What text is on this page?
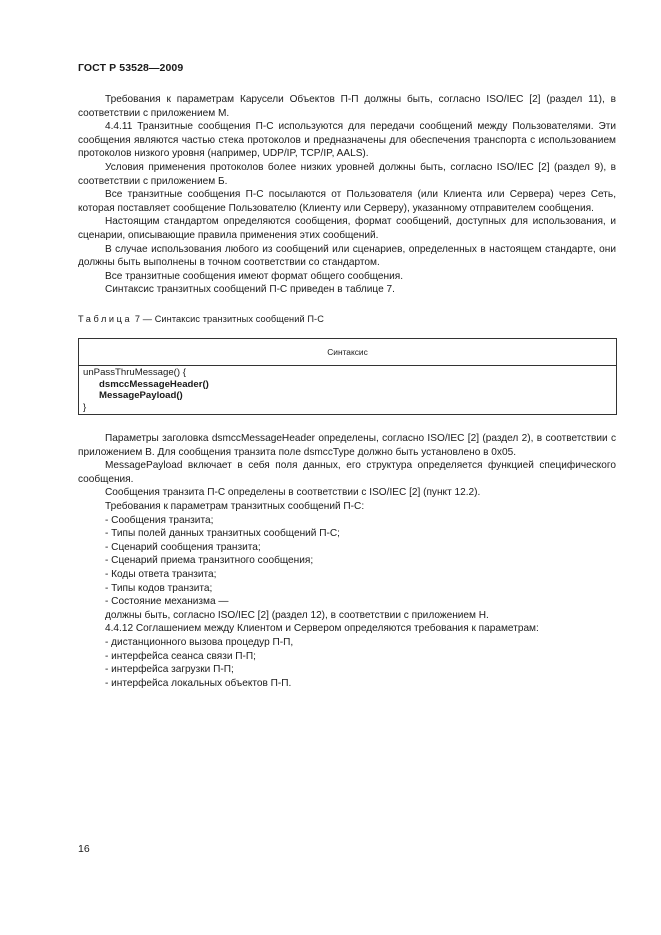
ГОСТ Р 53528—2009

Требования к параметрам Карусели Объектов П-П должны быть, согласно ISO/IEC [2] (раздел 11), в соответствии с приложением М.

4.4.11 Транзитные сообщения П-С используются для передачи сообщений между Пользователями. Эти сообщения являются частью стека протоколов и предназначены для обеспечения транспорта с использованием протоколов низкого уровня (например, UDP/IP, TCP/IP, AALS).

Условия применения протоколов более низких уровней должны быть, согласно ISO/IEC [2] (раздел 9), в соответствии с приложением Б.

Все транзитные сообщения П-С посылаются от Пользователя (или Клиента или Сервера) через Сеть, которая поставляет сообщение Пользователю (Клиенту или Серверу), указанному отправителем сообщения.

Настоящим стандартом определяются сообщения, формат сообщений, доступных для использования, и сценарии, описывающие правила применения этих сообщений.

В случае использования любого из сообщений или сценариев, определенных в настоящем стандарте, они должны быть выполнены в точном соответствии со стандартом.

Все транзитные сообщения имеют формат общего сообщения.

Синтаксис транзитных сообщений П-С приведен в таблице 7.

Таблица 7 — Синтаксис транзитных сообщений П-С
Синтаксис
unPassThruMessage() {
dsmccMessageHeader()
MessagePayload()
}

Параметры заголовка dsmccMessageHeader определены, согласно ISO/IEC [2] (раздел 2), в соответствии с приложением В. Для сообщения транзита поле dsmccType должно быть установлено в 0x05.

MessagePayload включает в себя поля данных, его структура определяется функцией специфического сообщения.

Сообщения транзита П-С определены в соответствии с ISO/IEC [2] (пункт 12.2).

Требования к параметрам транзитных сообщений П-С:

- Сообщения транзита;

- Типы полей данных транзитных сообщений П-С;

- Сценарий сообщения транзита;

- Сценарий приема транзитного сообщения;

- Коды ответа транзита;

- Типы кодов транзита;

- Состояние механизма —

должны быть, согласно ISO/IEC [2] (раздел 12), в соответствии с приложением Н.

4.4.12 Соглашением между Клиентом и Сервером определяются требования к параметрам:

- дистанционного вызова процедур П-П,

- интерфейса сеанса связи П-П;

- интерфейса загрузки П-П;

- интерфейса локальных объектов П-П.

16
